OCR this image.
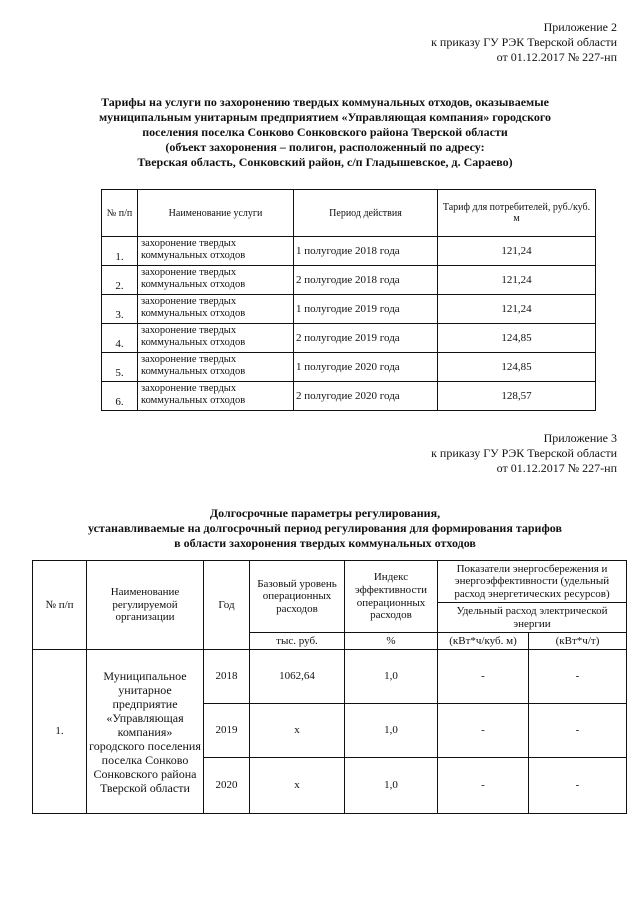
Приложение 2
к приказу ГУ РЭК Тверской области
от 01.12.2017 № 227-нп
Тарифы на услуги по захоронению твердых коммунальных отходов, оказываемые
муниципальным унитарным предприятием «Управляющая компания» городского
поселения поселка Сонково Сонковского района Тверской области
(объект захоронения – полигон, расположенный по адресу:
Тверская область, Сонковский район, с/п Гладышевское, д. Сараево)
№ п/п	Наименование услуги	Период действия	Тариф для потребителей, руб./куб. м
1.	захоронение твердых коммунальных отходов	1 полугодие 2018 года	121,24
2.	захоронение твердых коммунальных отходов	2 полугодие 2018 года	121,24
3.	захоронение твердых коммунальных отходов	1 полугодие 2019 года	121,24
4.	захоронение твердых коммунальных отходов	2 полугодие 2019 года	124,85
5.	захоронение твердых коммунальных отходов	1 полугодие 2020 года	124,85
6.	захоронение твердых коммунальных отходов	2 полугодие 2020 года	128,57
Приложение 3
к приказу ГУ РЭК Тверской области
от 01.12.2017 № 227-нп
Долгосрочные параметры регулирования,
устанавливаемые на долгосрочный период регулирования для формирования тарифов
в области захоронения твердых коммунальных отходов
№ п/п	Наименование регулируемой организации	Год	Базовый уровень операционных расходов	Индекс эффективности операционных расходов	Показатели энергосбережения и энергоэффективности (удельный расход энергетических ресурсов)	
					Удельный расход электрической энергии	
			тыс. руб.	%	(кВт*ч/куб. м)	(кВт*ч/т)
1.	Муниципальное унитарное предприятие «Управляющая компания» городского поселения поселка Сонково Сонковского района Тверской области	2018	1062,64	1,0	-	-
		2019	х	1,0	-	-
		2020	х	1,0	-	-
